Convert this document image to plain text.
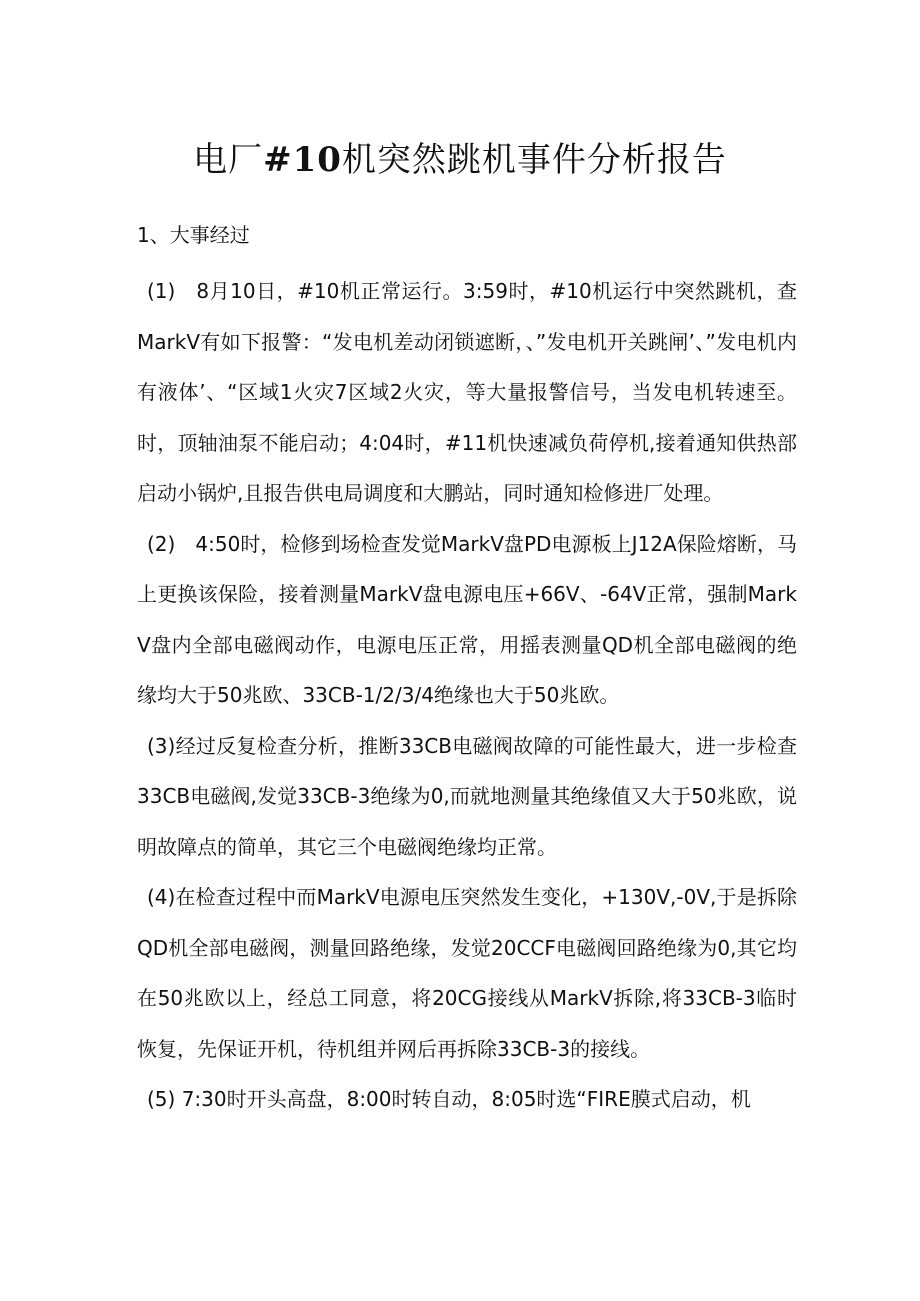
电厂#10机突然跳机事件分析报告
1、大事经过

(1)　8月10日，#10机正常运行。3:59时，#10机运行中突然跳机，查MarkV有如下报警：“发电机差动闭锁遮断，、”发电机开关跳闸’、”发电机内有液体’、“区域1火灾7区域2火灾，等大量报警信号，当发电机转速至。时，顶轴油泵不能启动；4:04时，#11机快速减负荷停机,接着通知供热部启动小锅炉,且报告供电局调度和大鹏站，同时通知检修进厂处理。

(2)　4:50时，检修到场检查发觉MarkV盘PD电源板上J12A保险熔断，马上更换该保险，接着测量MarkV盘电源电压+66V、-64V正常，强制MarkV盘内全部电磁阀动作，电源电压正常，用摇表测量QD机全部电磁阀的绝缘均大于50兆欧、33CB-1/2/3/4绝缘也大于50兆欧。

(3)经过反复检查分析，推断33CB电磁阀故障的可能性最大，进一步检查33CB电磁阀,发觉33CB-3绝缘为0,而就地测量其绝缘值又大于50兆欧，说明故障点的简单，其它三个电磁阀绝缘均正常。

(4)在检查过程中而MarkV电源电压突然发生变化，+130V,-0V,于是拆除QD机全部电磁阀，测量回路绝缘，发觉20CCF电磁阀回路绝缘为0,其它均在50兆欧以上，经总工同意，将20CG接线从MarkV拆除,将33CB-3临时恢复，先保证开机，待机组并网后再拆除33CB-3的接线。

(5) 7:30时开头高盘，8:00时转自动，8:05时选“FIRE膜式启动，机
